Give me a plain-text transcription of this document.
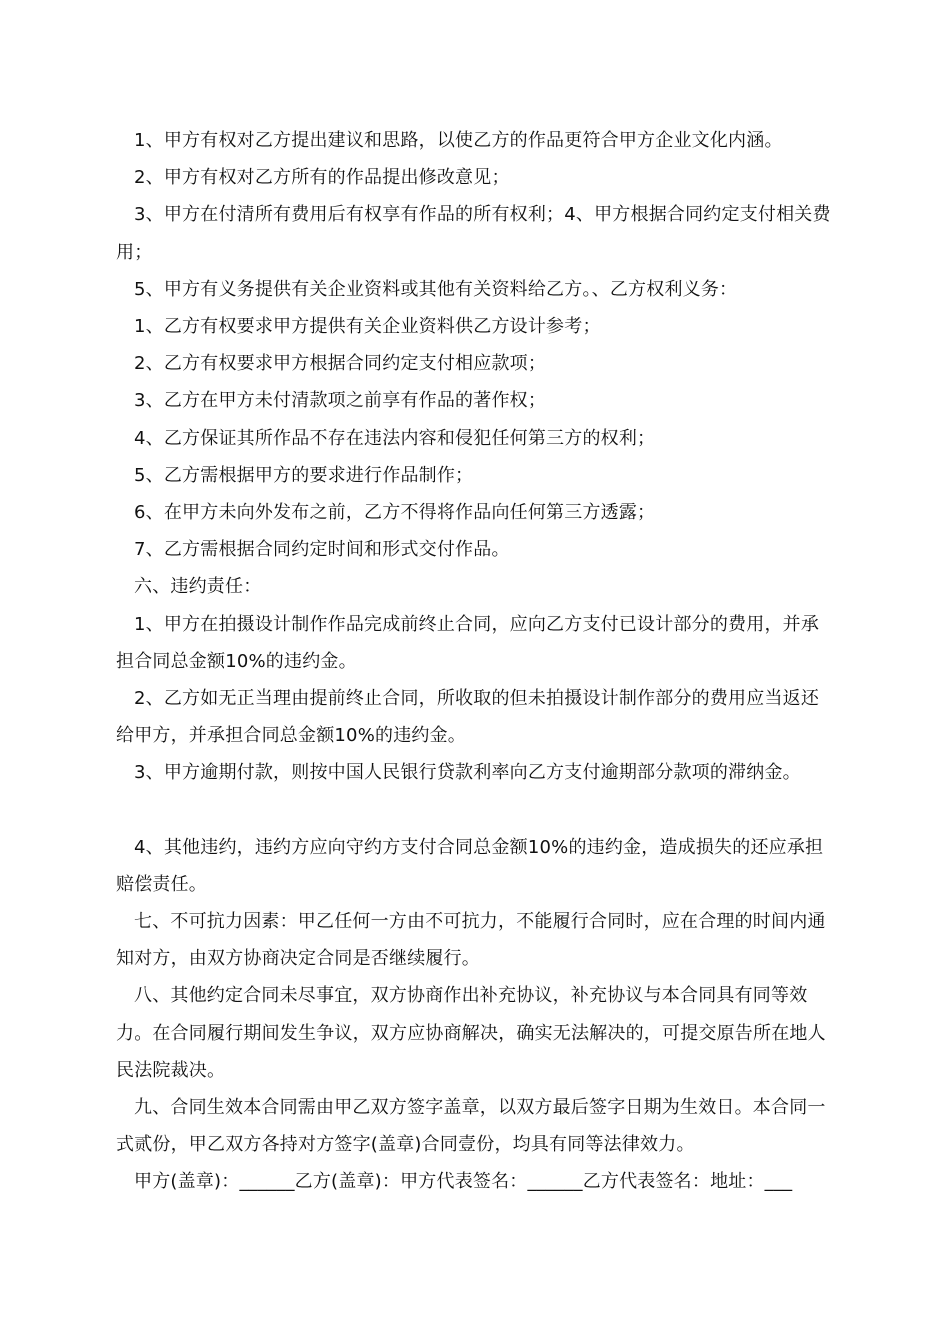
1、甲方有权对乙方提出建议和思路，以使乙方的作品更符合甲方企业文化内涵。

2、甲方有权对乙方所有的作品提出修改意见；

3、甲方在付清所有费用后有权享有作品的所有权利；4、甲方根据合同约定支付相关费用；

5、甲方有义务提供有关企业资料或其他有关资料给乙方。、乙方权利义务：

1、乙方有权要求甲方提供有关企业资料供乙方设计参考；

2、乙方有权要求甲方根据合同约定支付相应款项；

3、乙方在甲方未付清款项之前享有作品的著作权；

4、乙方保证其所作品不存在违法内容和侵犯任何第三方的权利；

5、乙方需根据甲方的要求进行作品制作；

6、在甲方未向外发布之前，乙方不得将作品向任何第三方透露；

7、乙方需根据合同约定时间和形式交付作品。

六、违约责任：

1、甲方在拍摄设计制作作品完成前终止合同，应向乙方支付已设计部分的费用，并承担合同总金额10%的违约金。

2、乙方如无正当理由提前终止合同，所收取的但未拍摄设计制作部分的费用应当返还给甲方，并承担合同总金额10%的违约金。

3、甲方逾期付款，则按中国人民银行贷款利率向乙方支付逾期部分款项的滞纳金。

4、其他违约，违约方应向守约方支付合同总金额10%的违约金，造成损失的还应承担赔偿责任。

七、不可抗力因素：甲乙任何一方由不可抗力，不能履行合同时，应在合理的时间内通知对方，由双方协商决定合同是否继续履行。

八、其他约定合同未尽事宜，双方协商作出补充协议，补充协议与本合同具有同等效力。在合同履行期间发生争议，双方应协商解决，确实无法解决的，可提交原告所在地人民法院裁决。

九、合同生效本合同需由甲乙双方签字盖章，以双方最后签字日期为生效日。本合同一式贰份，甲乙双方各持对方签字(盖章)合同壹份，均具有同等法律效力。

甲方(盖章)：______乙方(盖章)：甲方代表签名：______乙方代表签名：地址：___
